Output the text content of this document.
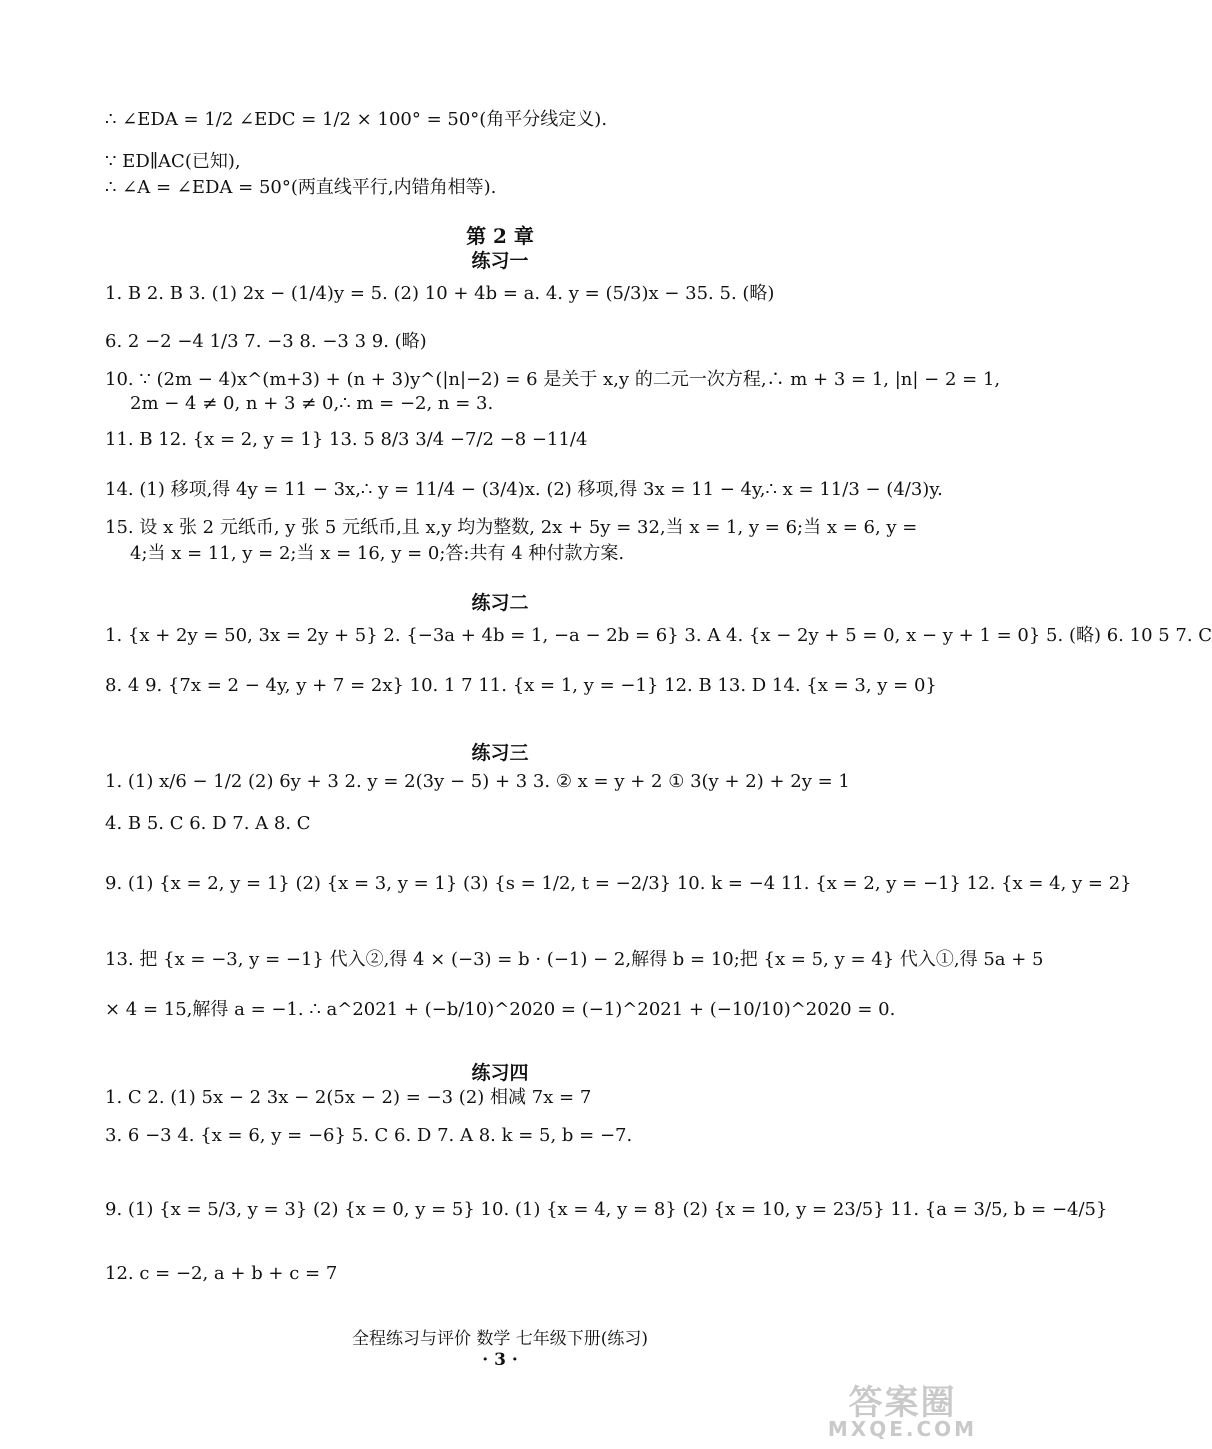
∴ ∠EDA = 1/2 ∠EDC = 1/2 × 100° = 50°(角平分线定义).
∵ ED∥AC(已知),
∴ ∠A = ∠EDA = 50°(两直线平行,内错角相等).
第 2 章
练习一
1. B 2. B 3. (1) 2x − (1/4)y = 5. (2) 10 + 4b = a. 4. y = (5/3)x − 35. 5. (略)
6. 2 −2 −4 1/3 7. −3 8. −3 3 9. (略)
10. ∵ (2m − 4)x^(m+3) + (n + 3)y^(|n|−2) = 6 是关于 x,y 的二元一次方程,∴ m + 3 = 1, |n| − 2 = 1,
2m − 4 ≠ 0, n + 3 ≠ 0,∴ m = −2, n = 3.
11. B 12. {x = 2, y = 1} 13. 5 8/3 3/4 −7/2 −8 −11/4
14. (1) 移项,得 4y = 11 − 3x,∴ y = 11/4 − (3/4)x. (2) 移项,得 3x = 11 − 4y,∴ x = 11/3 − (4/3)y.
15. 设 x 张 2 元纸币, y 张 5 元纸币,且 x,y 均为整数, 2x + 5y = 32,当 x = 1, y = 6;当 x = 6, y =
4;当 x = 11, y = 2;当 x = 16, y = 0;答:共有 4 种付款方案.
练习二
1. {x + 2y = 50, 3x = 2y + 5} 2. {−3a + 4b = 1, −a − 2b = 6} 3. A 4. {x − 2y + 5 = 0, x − y + 1 = 0} 5. (略) 6. 10 5 7. C
8. 4 9. {7x = 2 − 4y, y + 7 = 2x} 10. 1 7 11. {x = 1, y = −1} 12. B 13. D 14. {x = 3, y = 0}
练习三
1. (1) x/6 − 1/2 (2) 6y + 3 2. y = 2(3y − 5) + 3 3. ② x = y + 2 ① 3(y + 2) + 2y = 1
4. B 5. C 6. D 7. A 8. C
9. (1) {x = 2, y = 1} (2) {x = 3, y = 1} (3) {s = 1/2, t = −2/3} 10. k = −4 11. {x = 2, y = −1} 12. {x = 4, y = 2}
13. 把 {x = −3, y = −1} 代入②,得 4 × (−3) = b · (−1) − 2,解得 b = 10;把 {x = 5, y = 4} 代入①,得 5a + 5
× 4 = 15,解得 a = −1. ∴ a^2021 + (−b/10)^2020 = (−1)^2021 + (−10/10)^2020 = 0.
练习四
1. C 2. (1) 5x − 2 3x − 2(5x − 2) = −3 (2) 相减 7x = 7
3. 6 −3 4. {x = 6, y = −6} 5. C 6. D 7. A 8. k = 5, b = −7.
9. (1) {x = 5/3, y = 3} (2) {x = 0, y = 5} 10. (1) {x = 4, y = 8} (2) {x = 10, y = 23/5} 11. {a = 3/5, b = −4/5}
12. c = −2, a + b + c = 7
全程练习与评价 数学 七年级下册(练习)
· 3 ·
答案圈
MXQE.COM
